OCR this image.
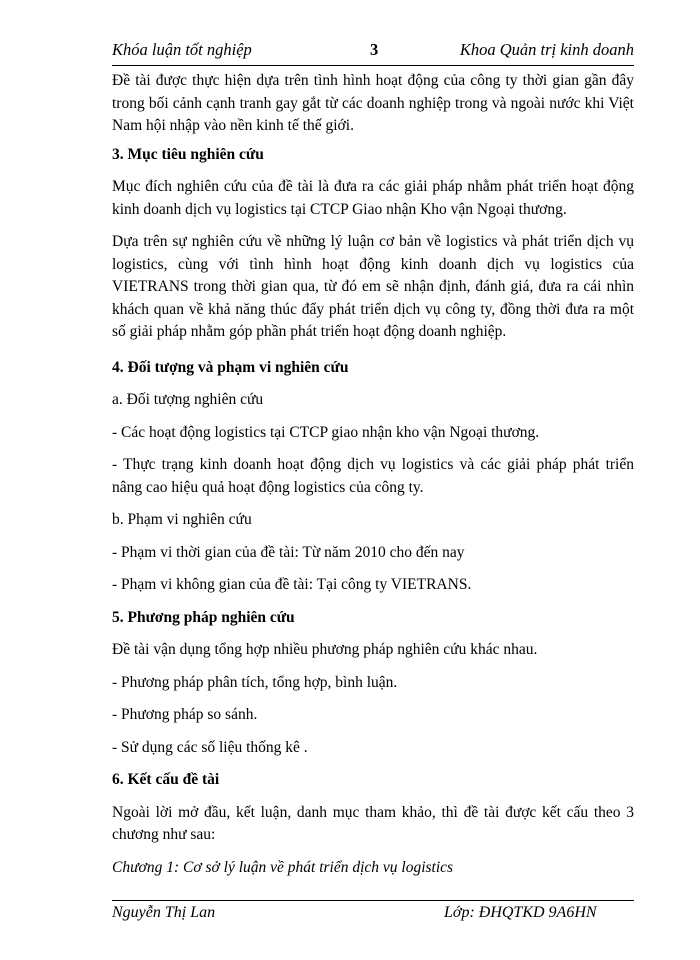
Khóa luận tốt nghiệp	3	Khoa Quản trị kinh doanh

Đề tài được thực hiện dựa trên tình hình hoạt động của công ty thời gian gần đây trong bối cảnh cạnh tranh gay gắt từ các doanh nghiệp trong và ngoài nước khi Việt Nam hội nhập vào nền kinh tế thế giới.

3. Mục tiêu nghiên cứu

Mục đích nghiên cứu của đề tài là đưa ra các giải pháp nhằm phát triển hoạt động kinh doanh dịch vụ logistics tại CTCP Giao nhận Kho vận Ngoại thương.

Dựa trên sự nghiên cứu về những lý luận cơ bản về logistics và phát triển dịch vụ logistics, cùng với tình hình hoạt động kinh doanh dịch vụ logistics của VIETRANS trong thời gian qua, từ đó em sẽ nhận định, đánh giá, đưa ra cái nhìn khách quan về khả năng thúc đẩy phát triển dịch vụ công ty, đồng thời đưa ra một số giải pháp nhằm góp phần phát triển hoạt động doanh nghiệp.

4. Đối tượng và phạm vi nghiên cứu

a. Đối tượng nghiên cứu

- Các hoạt động logistics tại CTCP giao nhận kho vận Ngoại thương.

- Thực trạng kinh doanh hoạt động dịch vụ logistics và các giải pháp phát triển nâng cao hiệu quả hoạt động logistics của công ty.

b. Phạm vi nghiên cứu

- Phạm vi thời gian của đề tài: Từ năm 2010 cho đến nay

- Phạm vi không gian của đề tài: Tại công ty VIETRANS.

5. Phương pháp nghiên cứu

Đề tài vận dụng tổng hợp nhiều phương pháp nghiên cứu khác nhau.

- Phương pháp phân tích, tổng hợp, bình luận.

- Phương pháp so sánh.

- Sử dụng các số liệu thống kê .

6. Kết cấu đề tài

Ngoài lời mở đầu, kết luận, danh mục tham khảo, thì đề tài được kết cấu theo 3 chương như sau:

Chương 1: Cơ sở lý luận về phát triển dịch vụ logistics

Nguyễn Thị Lan	Lớp: ĐHQTKD 9A6HN
